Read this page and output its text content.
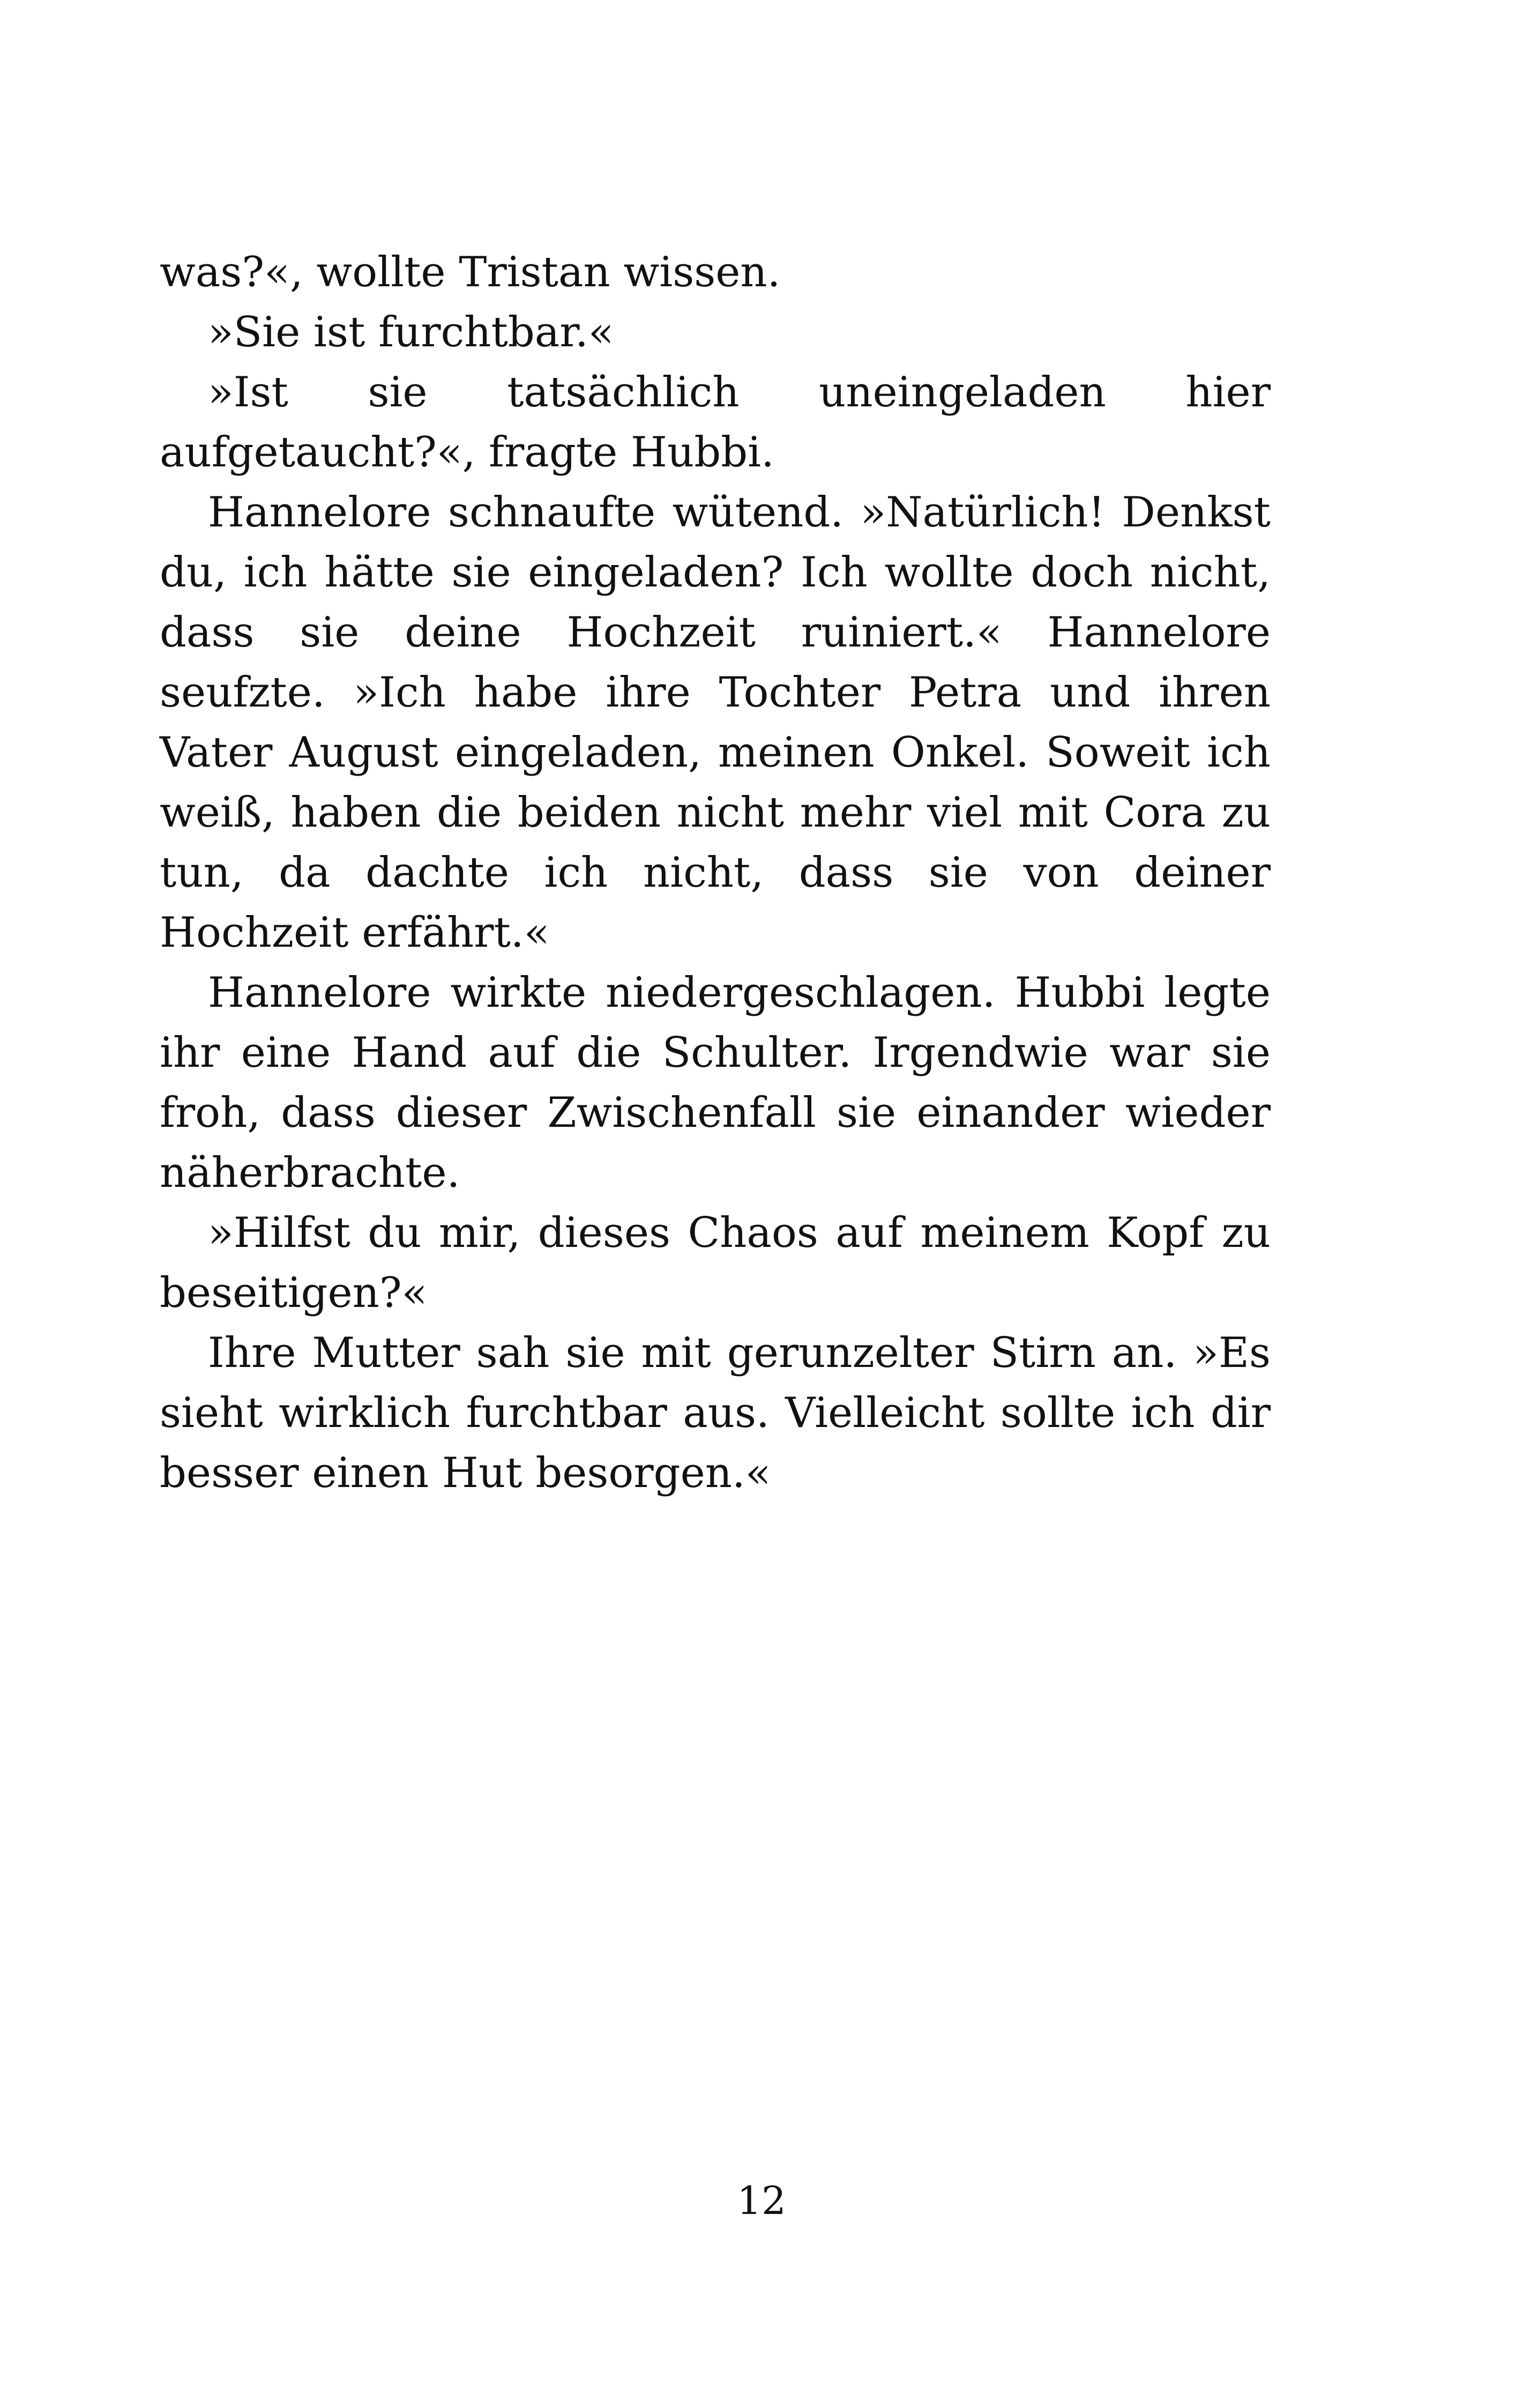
was?«, wollte Tristan wissen.

»Sie ist furchtbar.«

»Ist sie tatsächlich uneingeladen hier aufgetaucht?«, fragte Hubbi.

Hannelore schnaufte wütend. »Natürlich! Denkst du, ich hätte sie eingeladen? Ich wollte doch nicht, dass sie deine Hochzeit ruiniert.« Hannelore seufzte. »Ich habe ihre Tochter Petra und ihren Vater August eingeladen, meinen Onkel. Soweit ich weiß, haben die beiden nicht mehr viel mit Cora zu tun, da dachte ich nicht, dass sie von deiner Hochzeit erfährt.«

Hannelore wirkte niedergeschlagen. Hubbi legte ihr eine Hand auf die Schulter. Irgendwie war sie froh, dass dieser Zwischenfall sie einander wieder näherbrachte.

»Hilfst du mir, dieses Chaos auf meinem Kopf zu beseitigen?«

Ihre Mutter sah sie mit gerunzelter Stirn an. »Es sieht wirklich furchtbar aus. Vielleicht sollte ich dir besser einen Hut besorgen.«

12
